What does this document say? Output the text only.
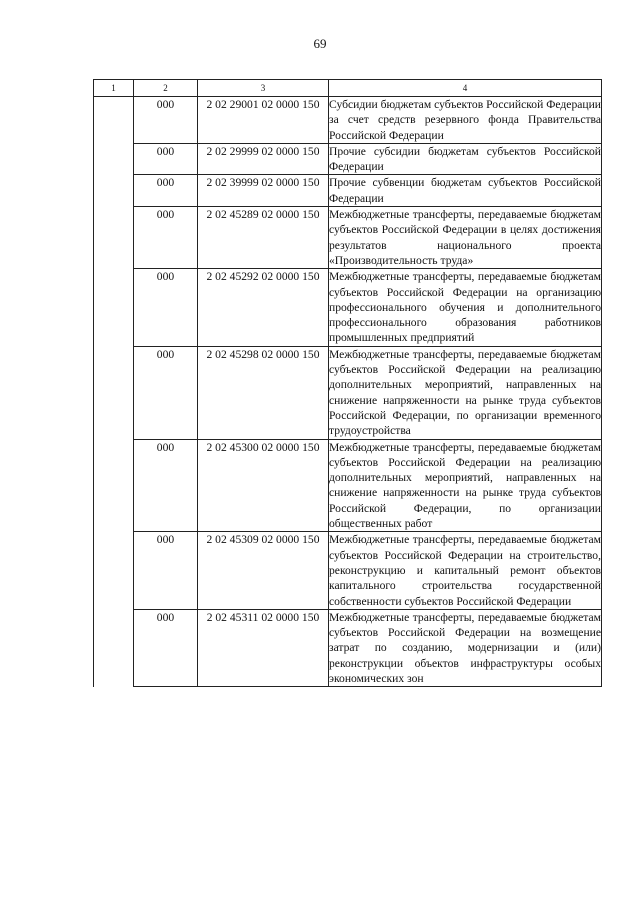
69
1	2	3	4
	000	2 02 29001 02 0000 150	Субсидии бюджетам субъектов Российской Федерации за счет средств резервного фонда Правительства Российской Федерации
	000	2 02 29999 02 0000 150	Прочие субсидии бюджетам субъектов Российской Федерации
	000	2 02 39999 02 0000 150	Прочие субвенции бюджетам субъектов Российской Федерации
	000	2 02 45289 02 0000 150	Межбюджетные трансферты, передаваемые бюджетам субъектов Российской Федерации в целях достижения результатов национального проекта «Производительность труда»
	000	2 02 45292 02 0000 150	Межбюджетные трансферты, передаваемые бюджетам субъектов Российской Федерации на организацию профессионального обучения и дополнительного профессионального образования работников промышленных предприятий
	000	2 02 45298 02 0000 150	Межбюджетные трансферты, передаваемые бюджетам субъектов Российской Федерации на реализацию дополнительных мероприятий, направленных на снижение напряженности на рынке труда субъектов Российской Федерации, по организации временного трудоустройства
	000	2 02 45300 02 0000 150	Межбюджетные трансферты, передаваемые бюджетам субъектов Российской Федерации на реализацию дополнительных мероприятий, направленных на снижение напряженности на рынке труда субъектов Российской Федерации, по организации общественных работ
	000	2 02 45309 02 0000 150	Межбюджетные трансферты, передаваемые бюджетам субъектов Российской Федерации на строительство, реконструкцию и капитальный ремонт объектов капитального строительства государственной собственности субъектов Российской Федерации
	000	2 02 45311 02 0000 150	Межбюджетные трансферты, передаваемые бюджетам субъектов Российской Федерации на возмещение затрат по созданию, модернизации и (или) реконструкции объектов инфраструктуры особых экономических зон
